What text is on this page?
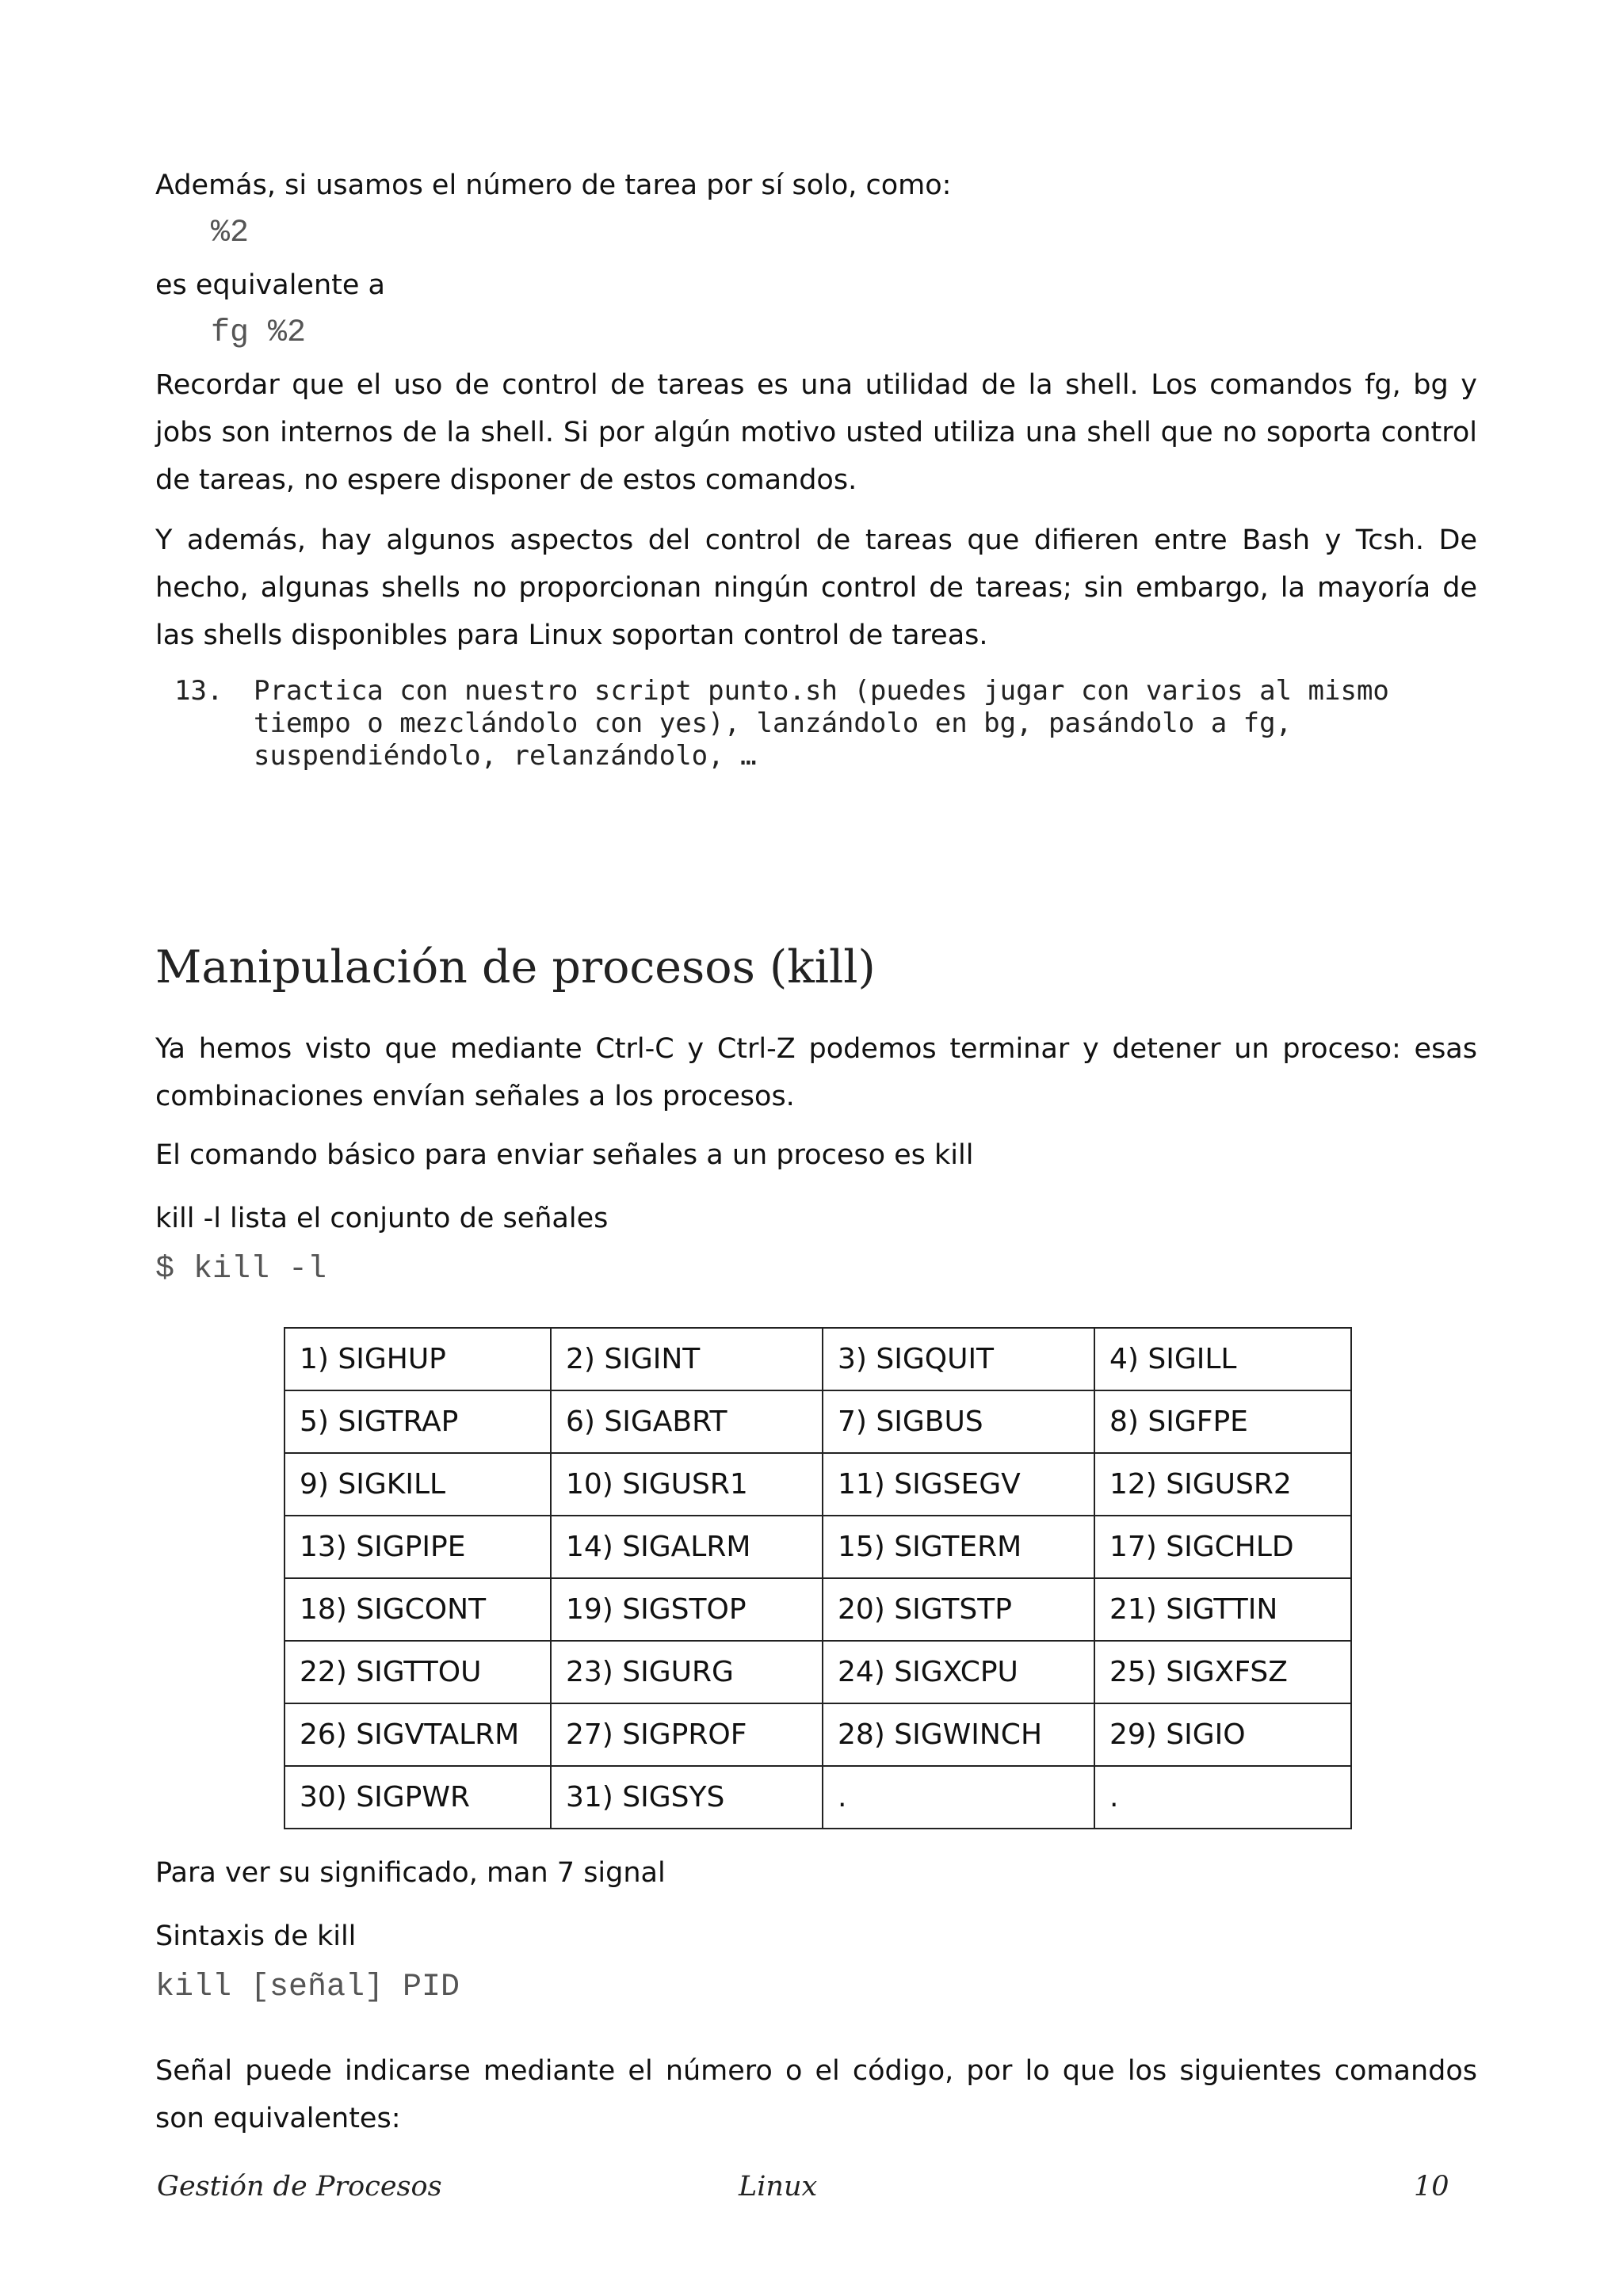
Además, si usamos el número de tarea por sí solo, como:

%2

es equivalente a

fg %2

Recordar que el uso de control de tareas es una utilidad de la shell. Los comandos fg, bg y jobs son internos de la shell. Si por algún motivo usted utiliza una shell que no soporta control de tareas, no espere disponer de estos comandos.

Y además, hay algunos aspectos del control de tareas que difieren entre Bash y Tcsh. De hecho, algunas shells no proporcionan ningún control de tareas; sin embargo, la mayoría de las shells disponibles para Linux soportan control de tareas.

13. Practica con nuestro script punto.sh (puedes jugar con varios al mismo
tiempo o mezclándolo con yes), lanzándolo en bg, pasándolo a fg,
suspendiéndolo, relanzándolo, …
Manipulación de procesos (kill)

Ya hemos visto que mediante Ctrl-C y Ctrl-Z podemos terminar y detener un proceso: esas combinaciones envían señales a los procesos.

El comando básico para enviar señales a un proceso es kill

kill -l lista el conjunto de señales

$ kill -l
1) SIGHUP	2) SIGINT	3) SIGQUIT	4) SIGILL
5) SIGTRAP	6) SIGABRT	7) SIGBUS	8) SIGFPE
9) SIGKILL	10) SIGUSR1	11) SIGSEGV	12) SIGUSR2
13) SIGPIPE	14) SIGALRM	15) SIGTERM	17) SIGCHLD
18) SIGCONT	19) SIGSTOP	20) SIGTSTP	21) SIGTTIN
22) SIGTTOU	23) SIGURG	24) SIGXCPU	25) SIGXFSZ
26) SIGVTALRM	27) SIGPROF	28) SIGWINCH	29) SIGIO
30) SIGPWR	31) SIGSYS	.	.

Para ver su significado, man 7 signal

Sintaxis de kill

kill [señal] PID

Señal puede indicarse mediante el número o el código, por lo que los siguientes comandos son equivalentes:

Gestión de Procesos	Linux	10
